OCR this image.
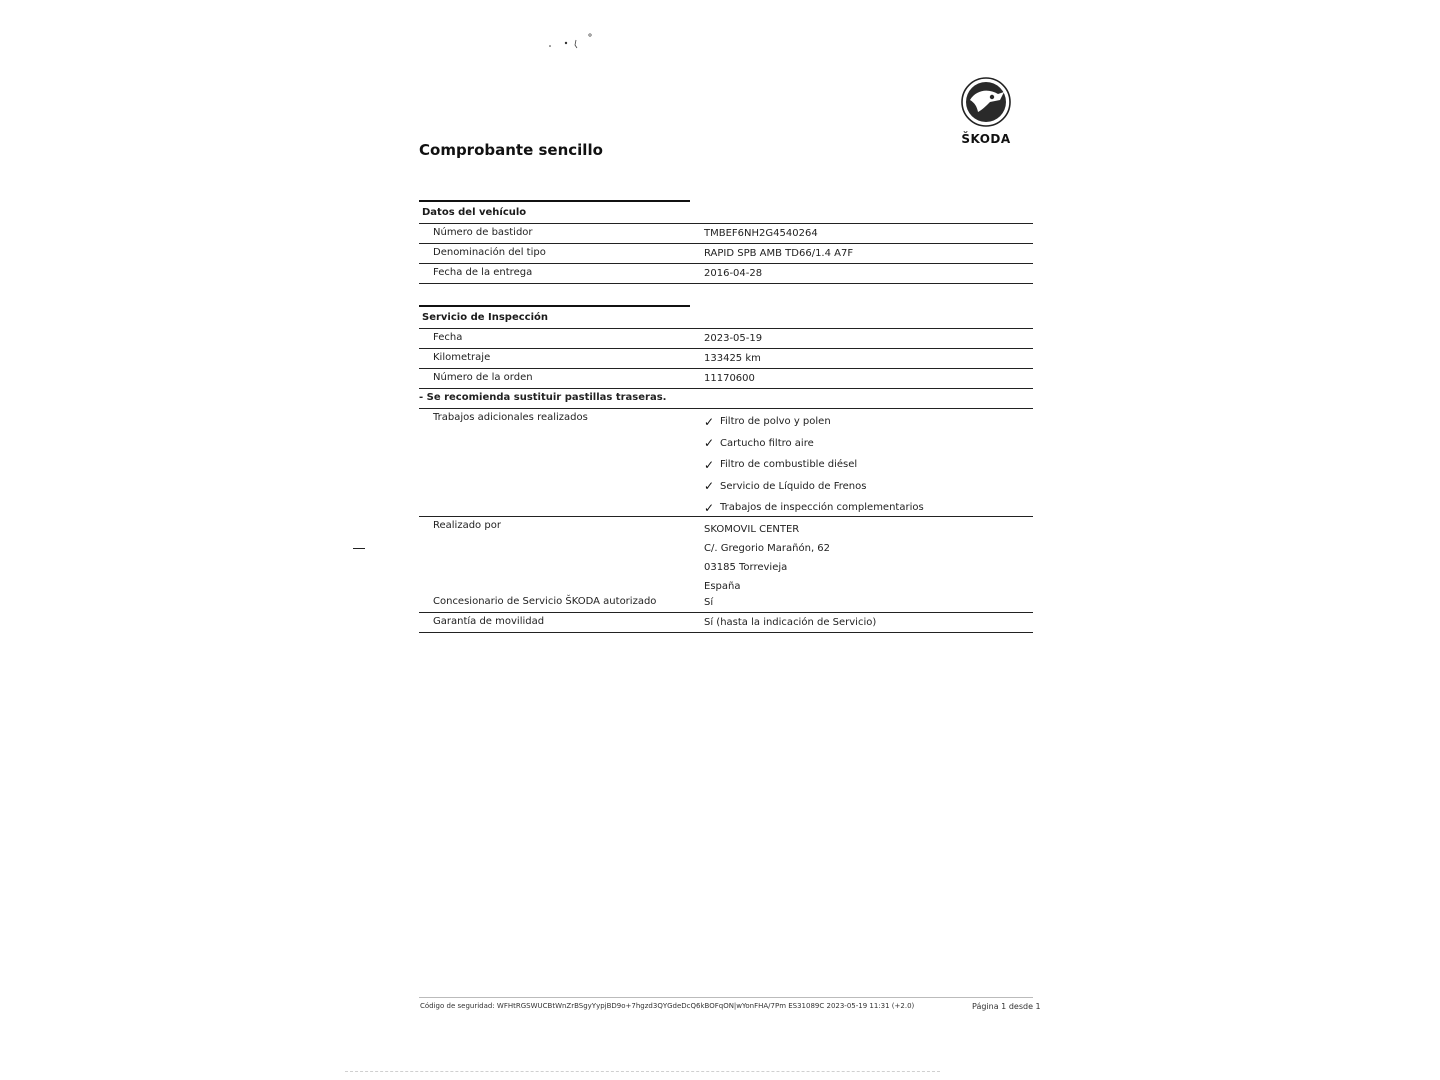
ŠKODA
Comprobante sencillo
Datos del vehículo
Número de bastidor	TMBEF6NH2G4540264
Denominación del tipo	RAPID SPB AMB TD66/1.4 A7F
Fecha de la entrega	2016-04-28
Servicio de Inspección
Fecha	2023-05-19
Kilometraje	133425 km
Número de la orden	11170600
- Se recomienda sustituir pastillas traseras.
Trabajos adicionales realizados	✓ Filtro de polvo y polen
✓ Cartucho filtro aire
✓ Filtro de combustible diésel
✓ Servicio de Líquido de Frenos
✓ Trabajos de inspección complementarios
Realizado por	SKOMOVIL CENTER
C/. Gregorio Marañón, 62
03185 Torrevieja
España
Concesionario de Servicio ŠKODA autorizado	Sí
Garantía de movilidad	Sí (hasta la indicación de Servicio)
Código de seguridad: WFHtRGSWUCBtWnZrBSgyYypjBD9o+7hgzd3QYGdeDcQ6kBOFqON|wYonFHA/7Pm ES31089C 2023-05-19 11:31 (+2.0)	Página 1 desde 1
